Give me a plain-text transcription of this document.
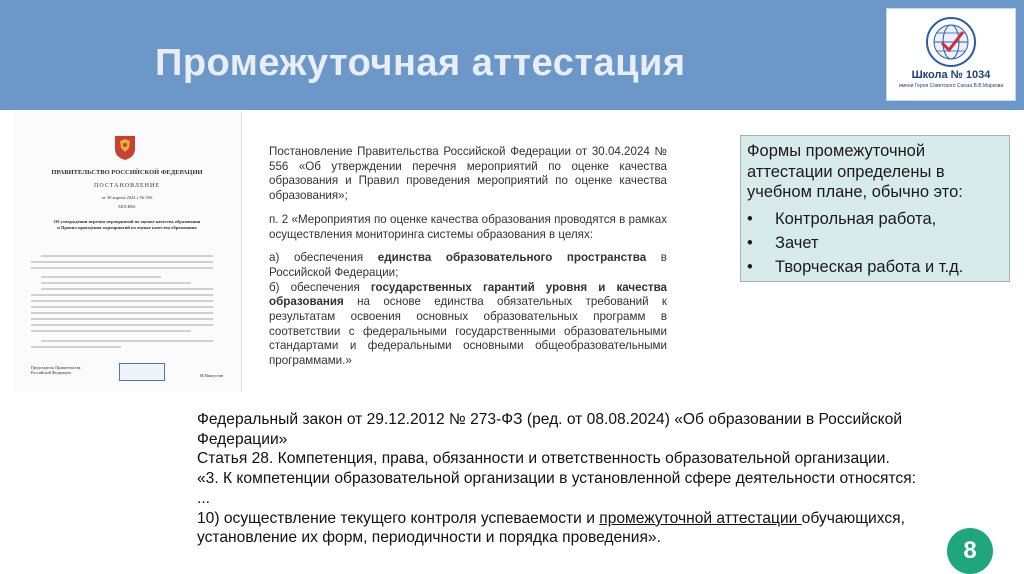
Промежуточная аттестация	Школа № 1034
имени Героя Советского Союза В.В.Маркова
ПРАВИТЕЛЬСТВО РОССИЙСКОЙ ФЕДЕРАЦИИ
ПОСТАНОВЛЕНИЕ
от 30 апреля 2024 г. № 556
МОСКВА
Об утверждении перечня мероприятий по оценке качества образования и Правил проведения мероприятий по оценке качества образования
Председатель Правительства Российской Федерации
М.Мишустин

Постановление Правительства Российской Федерации от 30.04.2024 № 556 «Об утверждении перечня мероприятий по оценке качества образования и Правил проведения мероприятий по оценке качества образования»;

п. 2 «Мероприятия по оценке качества образования проводятся в рамках осуществления мониторинга системы образования в целях:

а) обеспечения единства образовательного пространства в Российской Федерации;

б) обеспечения государственных гарантий уровня и качества образования на основе единства обязательных требований к результатам освоения основных образовательных программ в соответствии с федеральными государственными образовательными стандартами и федеральными основными общеобразовательными программами.»

Формы промежуточной аттестации определены в учебном плане, обычно это:
• Контрольная работа,
• Зачет
• Творческая работа и т.д.
Федеральный закон от 29.12.2012 № 273-ФЗ (ред. от 08.08.2024) «Об образовании в Российской Федерации»
Статья 28. Компетенция, права, обязанности и ответственность образовательной организации.
«3. К компетенции образовательной организации в установленной сфере деятельности относятся:
...
10) осуществление текущего контроля успеваемости и промежуточной аттестации обучающихся, установление их форм, периодичности и порядка проведения».	8
